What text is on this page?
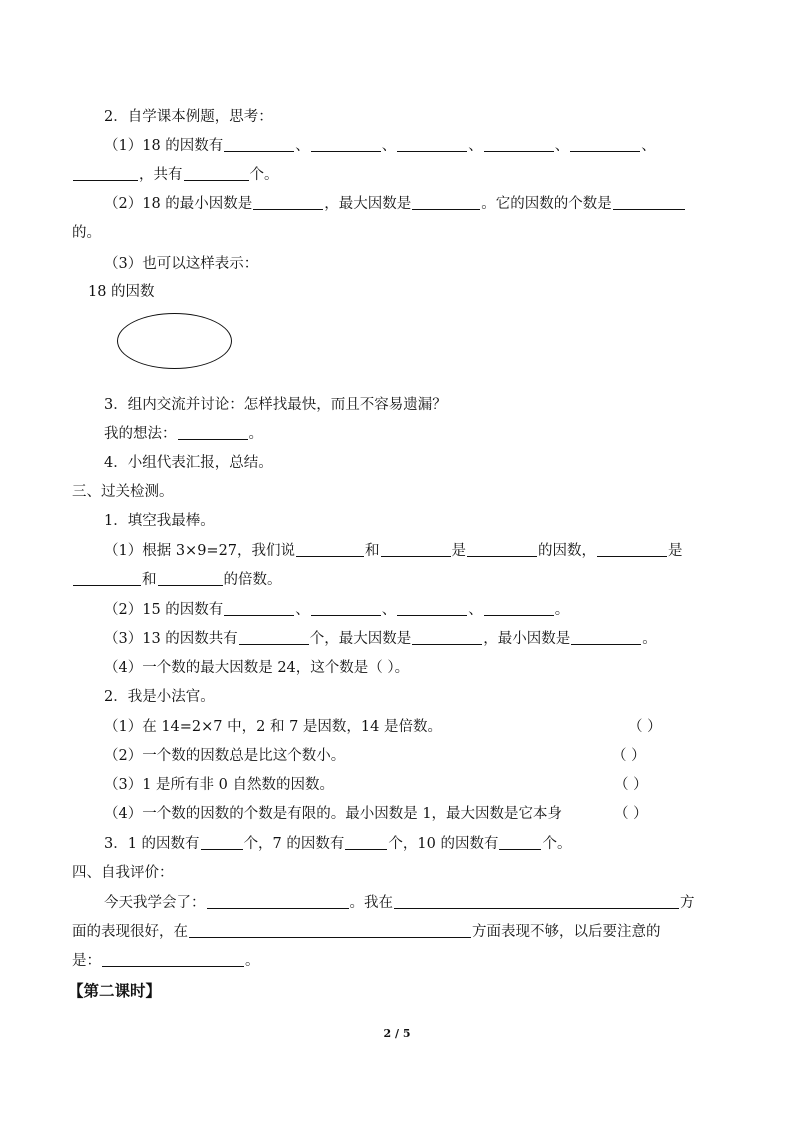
2．自学课本例题，思考：
（1）18 的因数有	、	、	、	、	、
，共有	个。
（2）18 的最小因数是	，最大因数是	。它的因数的个数是
的。
（3）也可以这样表示：
18 的因数
3．组内交流并讨论：怎样找最快，而且不容易遗漏？
我的想法：	。
4．小组代表汇报，总结。
三、过关检测。
1．填空我最棒。
（1）根据 3×9=27，我们说	和	是	的因数，	是
和	的倍数。
（2）15 的因数有	、	、	、	。
（3）13 的因数共有	个，最大因数是	，最小因数是	。
（4）一个数的最大因数是 24，这个数是（ ）。
2．我是小法官。
（1）在 14=2×7 中，2 和 7 是因数，14 是倍数。	（ ）
（2）一个数的因数总是比这个数小。	（ ）
（3）1 是所有非 0 自然数的因数。	（ ）
（4）一个数的因数的个数是有限的。最小因数是 1，最大因数是它本身	（ ）
3．1 的因数有	个，7 的因数有	个，10 的因数有	个。
四、自我评价：
今天我学会了：	。我在	方
面的表现很好，在	方面表现不够，以后要注意的
是：	。
【第二课时】
2 / 5
